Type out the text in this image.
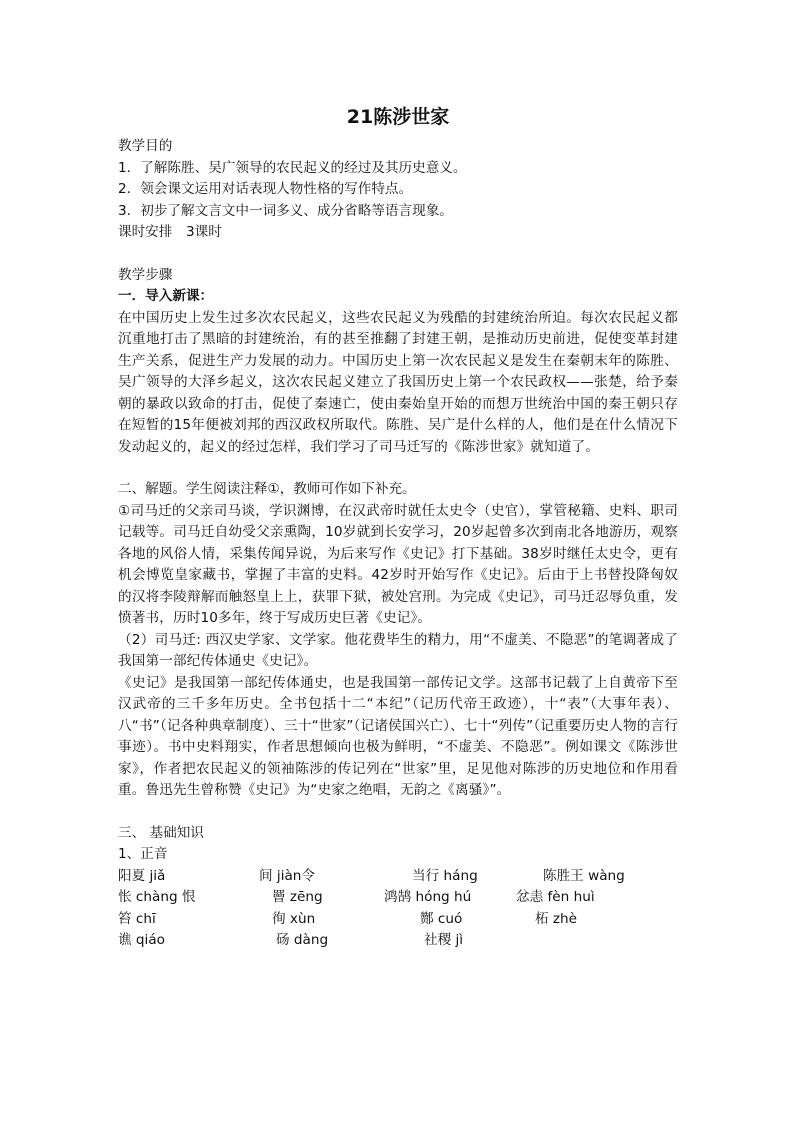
21陈涉世家

教学目的

1．了解陈胜、吴广领导的农民起义的经过及其历史意义。

2．领会课文运用对话表现人物性格的写作特点。

3．初步了解文言文中一词多义、成分省略等语言现象。

课时安排　3课时

教学步骤

一．导入新课：

在中国历史上发生过多次农民起义，这些农民起义为残酷的封建统治所迫。每次农民起义都沉重地打击了黑暗的封建统治，有的甚至推翻了封建王朝，是推动历史前进，促使变革封建生产关系，促进生产力发展的动力。中国历史上第一次农民起义是发生在秦朝末年的陈胜、吴广领导的大泽乡起义，这次农民起义建立了我国历史上第一个农民政权——张楚，给予秦朝的暴政以致命的打击，促使了秦速亡，使由秦始皇开始的而想万世统治中国的秦王朝只存在短暂的15年便被刘邦的西汉政权所取代。陈胜、吴广是什么样的人，他们是在什么情况下发动起义的，起义的经过怎样，我们学习了司马迁写的《陈涉世家》就知道了。

二、解题。学生阅读注释①，教师可作如下补充。

①司马迁的父亲司马谈，学识渊博，在汉武帝时就任太史令（史官），掌管秘籍、史料、职司记载等。司马迁自幼受父亲熏陶，10岁就到长安学习，20岁起曾多次到南北各地游历，观察各地的风俗人情，采集传闻异说，为后来写作《史记》打下基础。38岁时继任太史令，更有机会博览皇家藏书，掌握了丰富的史料。42岁时开始写作《史记》。后由于上书替投降匈奴的汉将李陵辩解而触怒皇上上，获罪下狱，被处宫刑。为完成《史记》，司马迁忍辱负重，发愤著书，历时10多年，终于写成历史巨著《史记》。

（2）司马迁: 西汉史学家、文学家。他花费毕生的精力，用“不虚美、不隐恶”的笔调著成了我国第一部纪传体通史《史记》。

《史记》是我国第一部纪传体通史，也是我国第一部传记文学。这部书记载了上自黄帝下至汉武帝的三千多年历史。全书包括十二“本纪”（记历代帝王政迹），十“表”（大事年表）、八“书”（记各种典章制度）、三十“世家”（记诸侯国兴亡）、七十“列传”（记重要历史人物的言行事迹）。书中史料翔实，作者思想倾向也极为鲜明，“不虚美、不隐恶”。例如课文《陈涉世家》，作者把农民起义的领袖陈涉的传记列在“世家”里，足见他对陈涉的历史地位和作用看重。鲁迅先生曾称赞《史记》为“史家之绝唱，无韵之《离骚》”。

三、 基础知识

1、正音

阳夏 jiǎ	间 jiàn令	当行 háng	陈胜王 wàng
怅 chàng 恨	罾 zēng	鸿鹄 hóng hú	忿恚 fèn huì
笞 chī	徇 xùn	酂 cuó	柘 zhè
谯 qiáo	砀 dàng	社稷 jì
